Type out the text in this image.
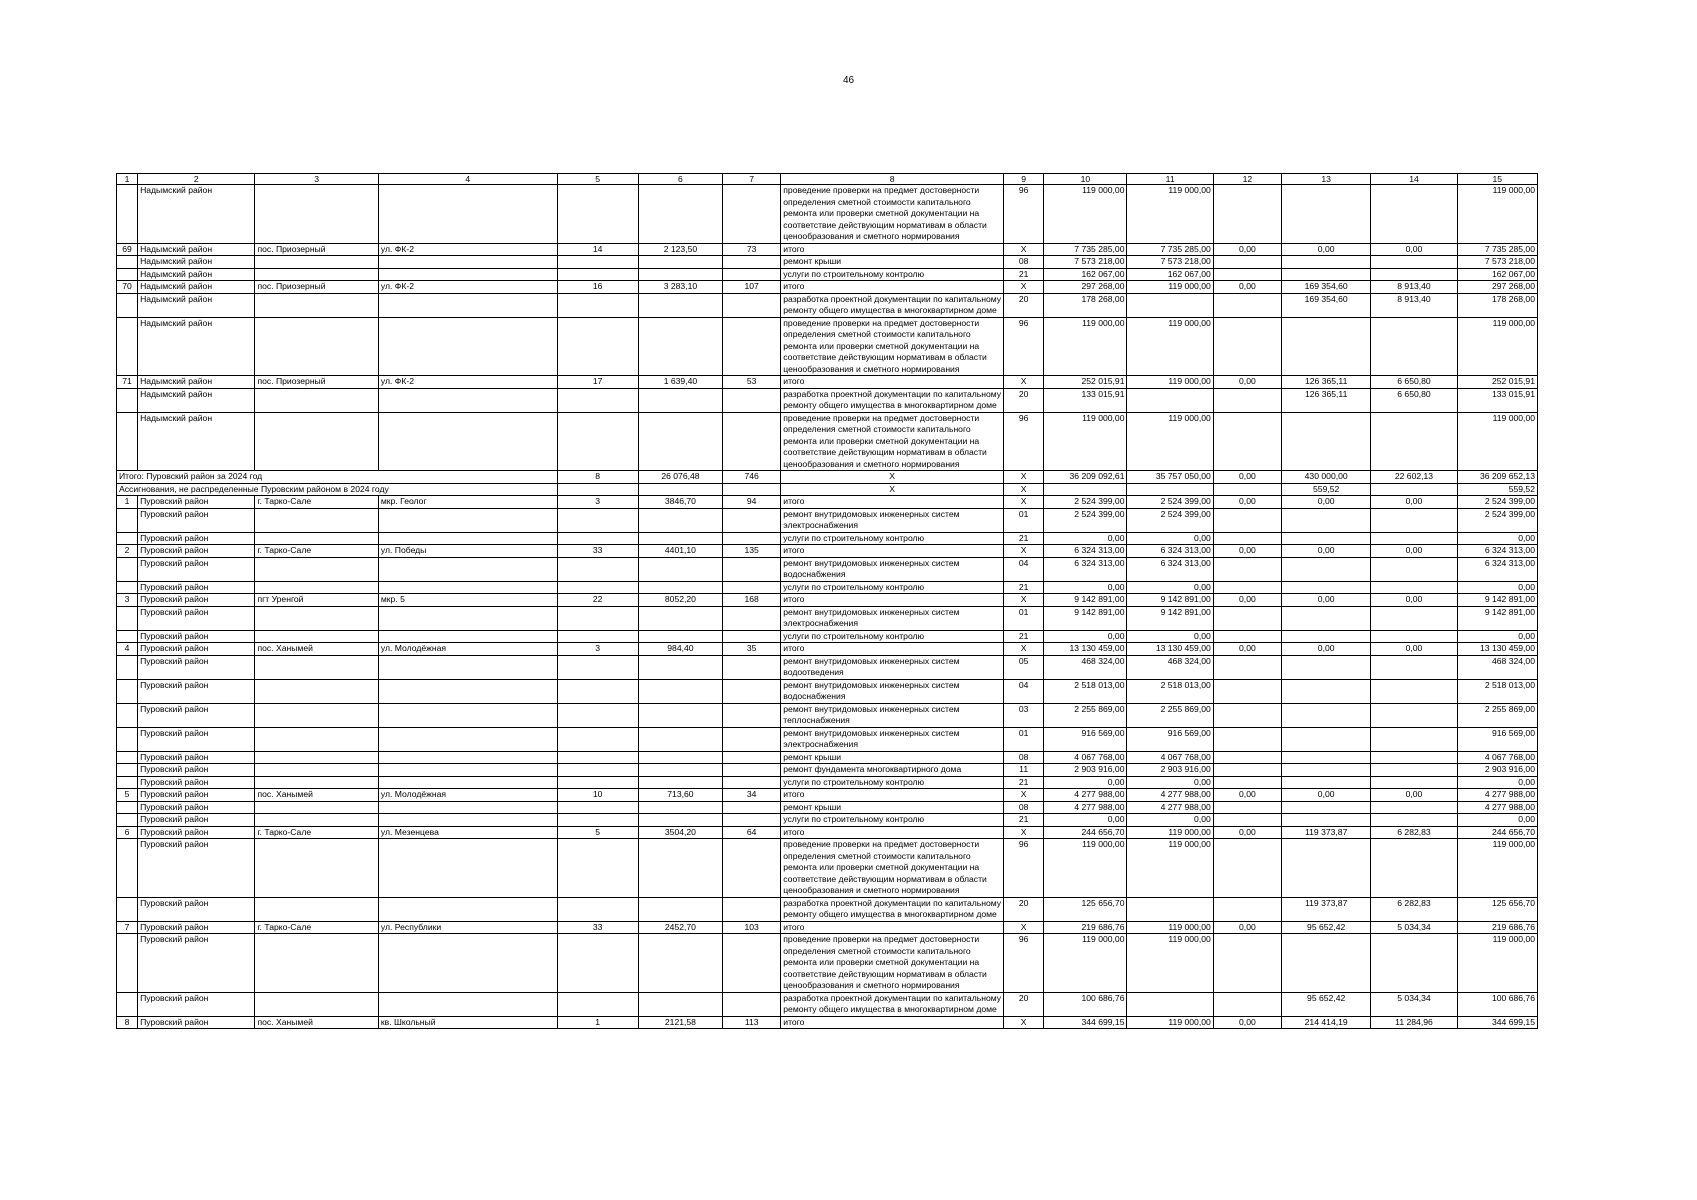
46
1	2	3	4	5	6	7	8	9	10	11	12	13	14	15
	Надымский район						проведение проверки на предмет достоверности определения сметной стоимости капитального ремонта или проверки сметной документации на соответствие действующим нормативам в области ценообразования и сметного нормирования	96	119 000,00	119 000,00				119 000,00
69	Надымский район	пос. Приозерный	ул. ФК-2	14	2 123,50	73	итого	X	7 735 285,00	7 735 285,00	0,00	0,00	0,00	7 735 285,00
	Надымский район						ремонт крыши	08	7 573 218,00	7 573 218,00				7 573 218,00
	Надымский район						услуги по строительному контролю	21	162 067,00	162 067,00				162 067,00
70	Надымский район	пос. Приозерный	ул. ФК-2	16	3 283,10	107	итого	X	297 268,00	119 000,00	0,00	169 354,60	8 913,40	297 268,00
	Надымский район						разработка проектной документации по капитальному ремонту общего имущества в многоквартирном доме	20	178 268,00			169 354,60	8 913,40	178 268,00
	Надымский район						проведение проверки на предмет достоверности определения сметной стоимости капитального ремонта или проверки сметной документации на соответствие действующим нормативам в области ценообразования и сметного нормирования	96	119 000,00	119 000,00				119 000,00
71	Надымский район	пос. Приозерный	ул. ФК-2	17	1 639,40	53	итого	X	252 015,91	119 000,00	0,00	126 365,11	6 650,80	252 015,91
	Надымский район						разработка проектной документации по капитальному ремонту общего имущества в многоквартирном доме	20	133 015,91			126 365,11	6 650,80	133 015,91
	Надымский район						проведение проверки на предмет достоверности определения сметной стоимости капитального ремонта или проверки сметной документации на соответствие действующим нормативам в области ценообразования и сметного нормирования	96	119 000,00	119 000,00				119 000,00
Итого: Пуровский район за 2024 год				8	26 076,48	746	X	X	36 209 092,61	35 757 050,00	0,00	430 000,00	22 602,13	36 209 652,13
Ассигнования, не распределенные Пуровским районом в 2024 году							X	X				559,52		559,52
1	Пуровский район	г. Тарко-Сале	мкр. Геолог	3	3846,70	94	итого	X	2 524 399,00	2 524 399,00	0,00	0,00	0,00	2 524 399,00
	Пуровский район						ремонт внутридомовых инженерных систем электроснабжения	01	2 524 399,00	2 524 399,00				2 524 399,00
	Пуровский район						услуги по строительному контролю	21	0,00	0,00				0,00
2	Пуровский район	г. Тарко-Сале	ул. Победы	33	4401,10	135	итого	X	6 324 313,00	6 324 313,00	0,00	0,00	0,00	6 324 313,00
	Пуровский район						ремонт внутридомовых инженерных систем водоснабжения	04	6 324 313,00	6 324 313,00				6 324 313,00
	Пуровский район						услуги по строительному контролю	21	0,00	0,00				0,00
3	Пуровский район	пгт Уренгой	мкр. 5	22	8052,20	168	итого	X	9 142 891,00	9 142 891,00	0,00	0,00	0,00	9 142 891,00
	Пуровский район						ремонт внутридомовых инженерных систем электроснабжения	01	9 142 891,00	9 142 891,00				9 142 891,00
	Пуровский район						услуги по строительному контролю	21	0,00	0,00				0,00
4	Пуровский район	пос. Ханымей	ул. Молодёжная	3	984,40	35	итого	X	13 130 459,00	13 130 459,00	0,00	0,00	0,00	13 130 459,00
	Пуровский район						ремонт внутридомовых инженерных систем водоотведения	05	468 324,00	468 324,00				468 324,00
	Пуровский район						ремонт внутридомовых инженерных систем водоснабжения	04	2 518 013,00	2 518 013,00				2 518 013,00
	Пуровский район						ремонт внутридомовых инженерных систем теплоснабжения	03	2 255 869,00	2 255 869,00				2 255 869,00
	Пуровский район						ремонт внутридомовых инженерных систем электроснабжения	01	916 569,00	916 569,00				916 569,00
	Пуровский район						ремонт крыши	08	4 067 768,00	4 067 768,00				4 067 768,00
	Пуровский район						ремонт фундамента многоквартирного дома	11	2 903 916,00	2 903 916,00				2 903 916,00
	Пуровский район						услуги по строительному контролю	21	0,00	0,00				0,00
5	Пуровский район	пос. Ханымей	ул. Молодёжная	10	713,60	34	итого	X	4 277 988,00	4 277 988,00	0,00	0,00	0,00	4 277 988,00
	Пуровский район						ремонт крыши	08	4 277 988,00	4 277 988,00				4 277 988,00
	Пуровский район						услуги по строительному контролю	21	0,00	0,00				0,00
6	Пуровский район	г. Тарко-Сале	ул. Мезенцева	5	3504,20	64	итого	X	244 656,70	119 000,00	0,00	119 373,87	6 282,83	244 656,70
	Пуровский район						проведение проверки на предмет достоверности определения сметной стоимости капитального ремонта или проверки сметной документации на соответствие действующим нормативам в области ценообразования и сметного нормирования	96	119 000,00	119 000,00				119 000,00
	Пуровский район						разработка проектной документации по капитальному ремонту общего имущества в многоквартирном доме	20	125 656,70			119 373,87	6 282,83	125 656,70
7	Пуровский район	г. Тарко-Сале	ул. Республики	33	2452,70	103	итого	X	219 686,76	119 000,00	0,00	95 652,42	5 034,34	219 686,76
	Пуровский район						проведение проверки на предмет достоверности определения сметной стоимости капитального ремонта или проверки сметной документации на соответствие действующим нормативам в области ценообразования и сметного нормирования	96	119 000,00	119 000,00				119 000,00
	Пуровский район						разработка проектной документации по капитальному ремонту общего имущества в многоквартирном доме	20	100 686,76			95 652,42	5 034,34	100 686,76
8	Пуровский район	пос. Ханымей	кв. Школьный	1	2121,58	113	итого	X	344 699,15	119 000,00	0,00	214 414,19	11 284,96	344 699,15
